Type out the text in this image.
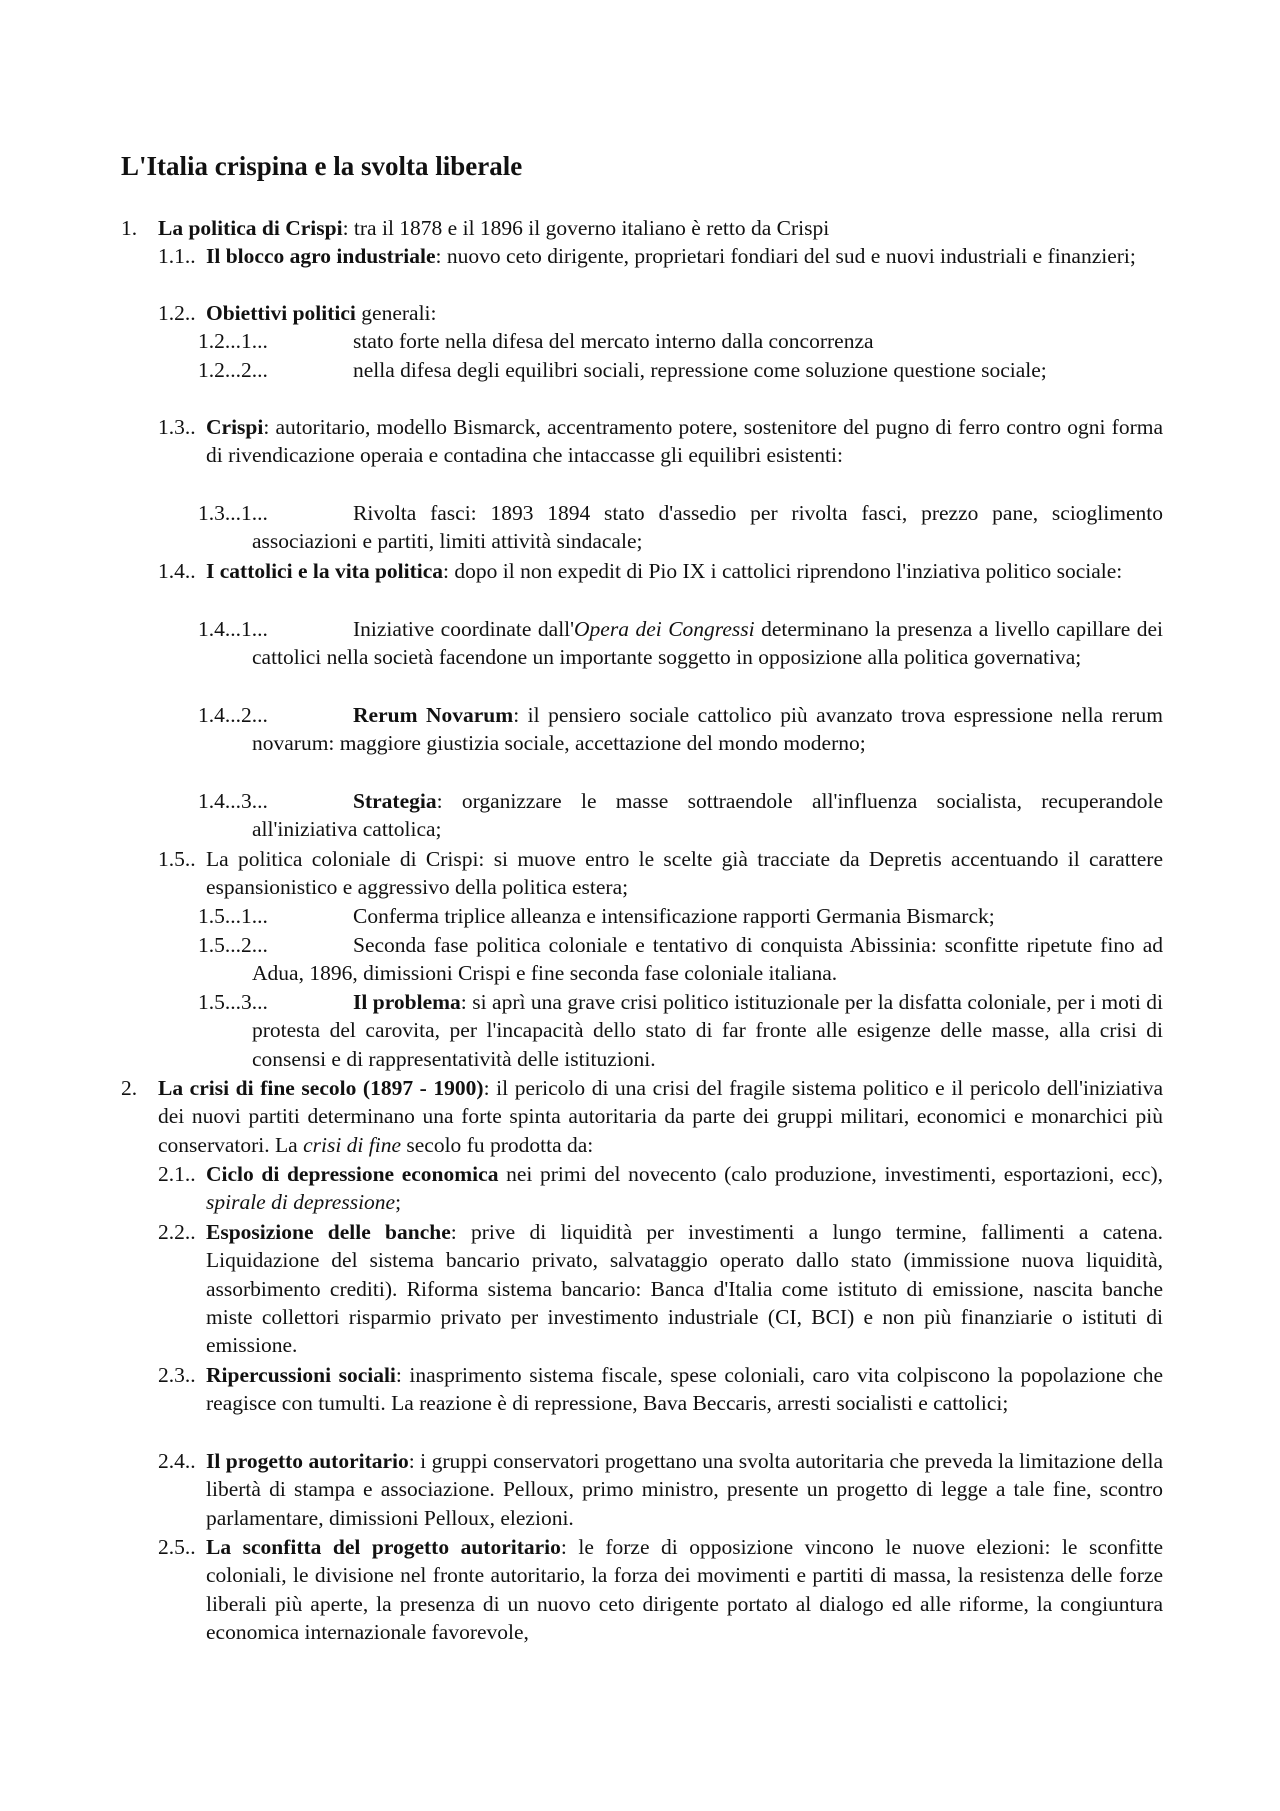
L'Italia crispina e la svolta liberale
1. La politica di Crispi: tra il 1878 e il 1896 il governo italiano è retto da Crispi
1.1.. Il blocco agro industriale: nuovo ceto dirigente, proprietari fondiari del sud e nuovi industriali e finanzieri;
1.2.. Obiettivi politici generali:
1.2...1...	stato forte nella difesa del mercato interno dalla concorrenza
1.2...2...	nella difesa degli equilibri sociali, repressione come soluzione questione sociale;
1.3.. Crispi: autoritario, modello Bismarck, accentramento potere, sostenitore del pugno di ferro contro ogni forma di rivendicazione operaia e contadina che intaccasse gli equilibri esistenti:
1.3...1...	Rivolta fasci: 1893 1894 stato d'assedio per rivolta fasci, prezzo pane, scioglimento associazioni e partiti, limiti attività sindacale;
1.4.. I cattolici e la vita politica: dopo il non expedit di Pio IX i cattolici riprendono l'inziativa politico sociale:
1.4...1...	Iniziative coordinate dall'Opera dei Congressi determinano la presenza a livello capillare dei cattolici nella società facendone un importante soggetto in opposizione alla politica governativa;
1.4...2...	Rerum Novarum: il pensiero sociale cattolico più avanzato trova espressione nella rerum novarum: maggiore giustizia sociale, accettazione del mondo moderno;
1.4...3...	Strategia: organizzare le masse sottraendole all'influenza socialista, recuperandole all'iniziativa cattolica;
1.5.. La politica coloniale di Crispi: si muove entro le scelte già tracciate da Depretis accentuando il carattere espansionistico e aggressivo della politica estera;
1.5...1...	Conferma triplice alleanza e intensificazione rapporti Germania Bismarck;
1.5...2...	Seconda fase politica coloniale e tentativo di conquista Abissinia: sconfitte ripetute fino ad Adua, 1896, dimissioni Crispi e fine seconda fase coloniale italiana.
1.5...3...	Il problema: si aprì una grave crisi politico istituzionale per la disfatta coloniale, per i moti di protesta del carovita, per l'incapacità dello stato di far fronte alle esigenze delle masse, alla crisi di consensi e di rappresentatività delle istituzioni.
2. La crisi di fine secolo (1897 - 1900): il pericolo di una crisi del fragile sistema politico e il pericolo dell'iniziativa dei nuovi partiti determinano una forte spinta autoritaria da parte dei gruppi militari, economici e monarchici più conservatori. La crisi di fine secolo fu prodotta da:
2.1.. Ciclo di depressione economica nei primi del novecento (calo produzione, investimenti, esportazioni, ecc), spirale di depressione;
2.2.. Esposizione delle banche: prive di liquidità per investimenti a lungo termine, fallimenti a catena. Liquidazione del sistema bancario privato, salvataggio operato dallo stato (immissione nuova liquidità, assorbimento crediti). Riforma sistema bancario: Banca d'Italia come istituto di emissione, nascita banche miste collettori risparmio privato per investimento industriale (CI, BCI) e non più finanziarie o istituti di emissione.
2.3.. Ripercussioni sociali: inasprimento sistema fiscale, spese coloniali, caro vita colpiscono la popolazione che reagisce con tumulti. La reazione è di repressione, Bava Beccaris, arresti socialisti e cattolici;
2.4.. Il progetto autoritario: i gruppi conservatori progettano una svolta autoritaria che preveda la limitazione della libertà di stampa e associazione. Pelloux, primo ministro, presente un progetto di legge a tale fine, scontro parlamentare, dimissioni Pelloux, elezioni.
2.5.. La sconfitta del progetto autoritario: le forze di opposizione vincono le nuove elezioni: le sconfitte coloniali, le divisione nel fronte autoritario, la forza dei movimenti e partiti di massa, la resistenza delle forze liberali più aperte, la presenza di un nuovo ceto dirigente portato al dialogo ed alle riforme, la congiuntura economica internazionale favorevole,
